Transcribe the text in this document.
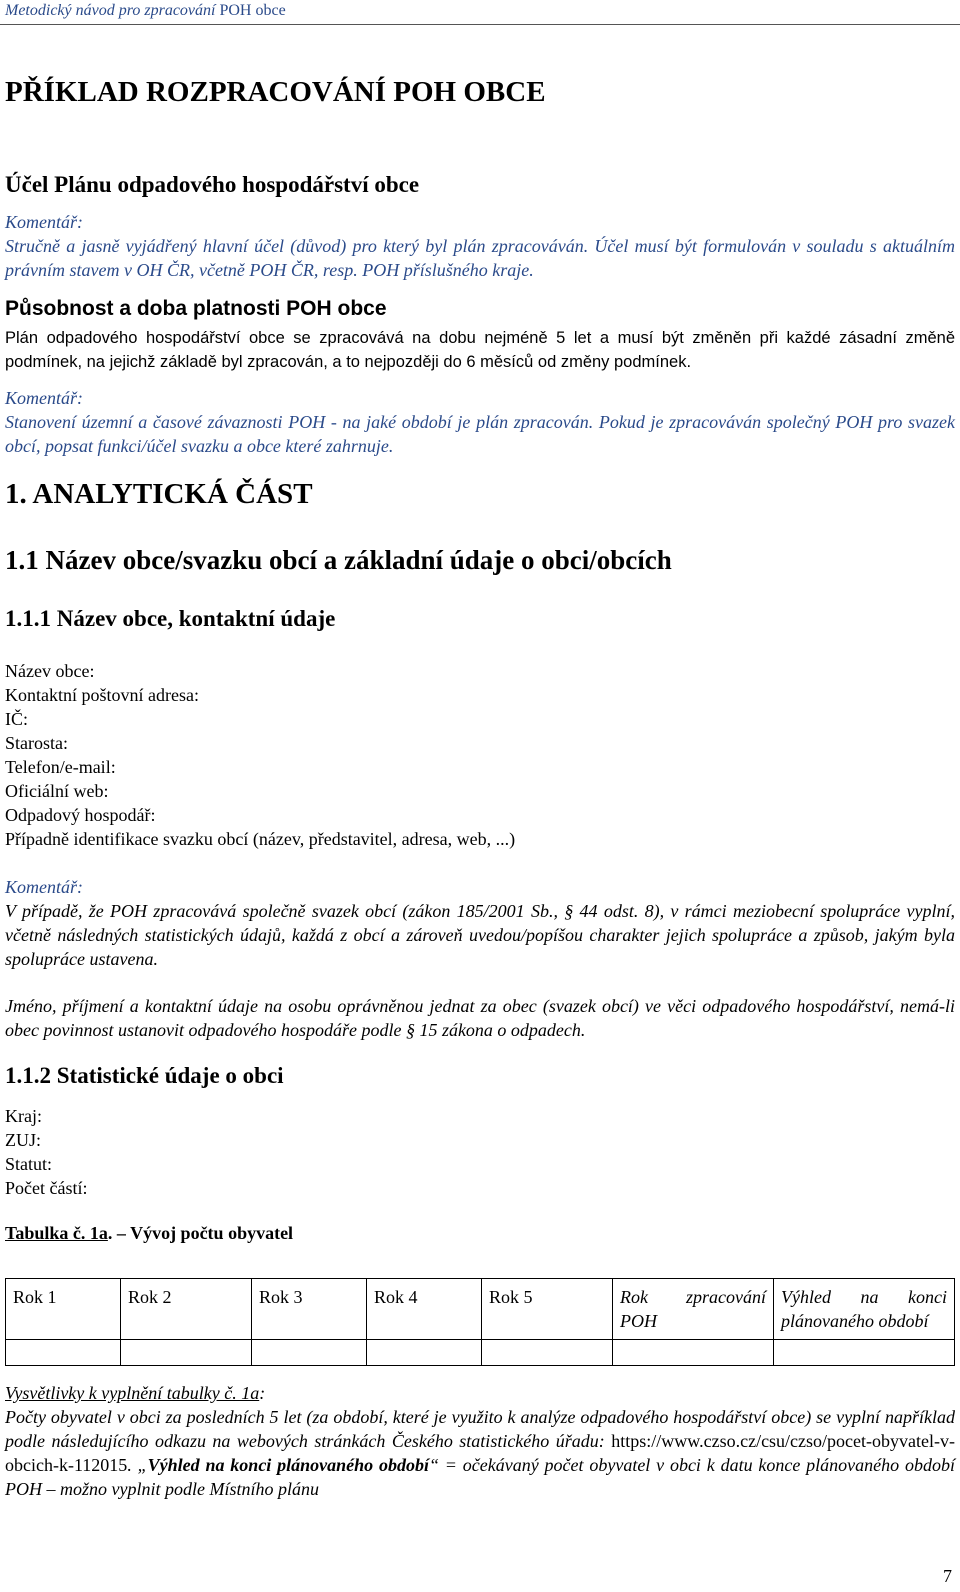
Metodický návod pro zpracování POH obce
PŘÍKLAD ROZPRACOVÁNÍ POH OBCE
Účel Plánu odpadového hospodářství obce
Komentář:
Stručně a jasně vyjádřený hlavní účel (důvod) pro který byl plán zpracováván. Účel musí být formulován v souladu s aktuálním právním stavem v OH ČR, včetně POH ČR, resp. POH příslušného kraje.
Působnost a doba platnosti POH obce
Plán odpadového hospodářství obce se zpracovává na dobu nejméně 5 let a musí být změněn při každé zásadní změně podmínek, na jejichž základě byl zpracován, a to nejpozději do 6 měsíců od změny podmínek.
Komentář:
Stanovení územní a časové závaznosti POH - na jaké období je plán zpracován. Pokud je zpracováván společný POH pro svazek obcí, popsat funkci/účel svazku a obce které zahrnuje.
1. ANALYTICKÁ ČÁST
1.1 Název obce/svazku obcí a základní údaje o obci/obcích
1.1.1 Název obce, kontaktní údaje
Název obce:
Kontaktní poštovní adresa:
IČ:
Starosta:
Telefon/e-mail:
Oficiální web:
Odpadový hospodář:
Případně identifikace svazku obcí (název, představitel, adresa, web, ...)
Komentář:
V případě, že POH zpracovává společně svazek obcí (zákon 185/2001 Sb., § 44 odst. 8), v rámci meziobecní spolupráce vyplní, včetně následných statistických údajů, každá z obcí a zároveň uvedou/popíšou charakter jejich spolupráce a způsob, jakým byla spolupráce ustavena.
Jméno, příjmení a kontaktní údaje na osobu oprávněnou jednat za obec (svazek obcí) ve věci odpadového hospodářství, nemá-li obec povinnost ustanovit odpadového hospodáře podle § 15 zákona o odpadech.
1.1.2 Statistické údaje o obci
Kraj:
ZUJ:
Statut:
Počet částí:
Tabulka č. 1a. – Vývoj počtu obyvatel
Rok 1	Rok 2	Rok 3	Rok 4	Rok 5	Rok zpracování POH	Výhled na konci plánovaného období

Vysvětlivky k vyplnění tabulky č. 1a:
Počty obyvatel v obci za posledních 5 let (za období, které je využito k analýze odpadového hospodářství obce) se vyplní například podle následujícího odkazu na webových stránkách Českého statistického úřadu: https://www.czso.cz/csu/czso/pocet-obyvatel-v-obcich-k-112015. „Výhled na konci plánovaného období“ = očekávaný počet obyvatel v obci k datu konce plánovaného období POH – možno vyplnit podle Místního plánu
7
